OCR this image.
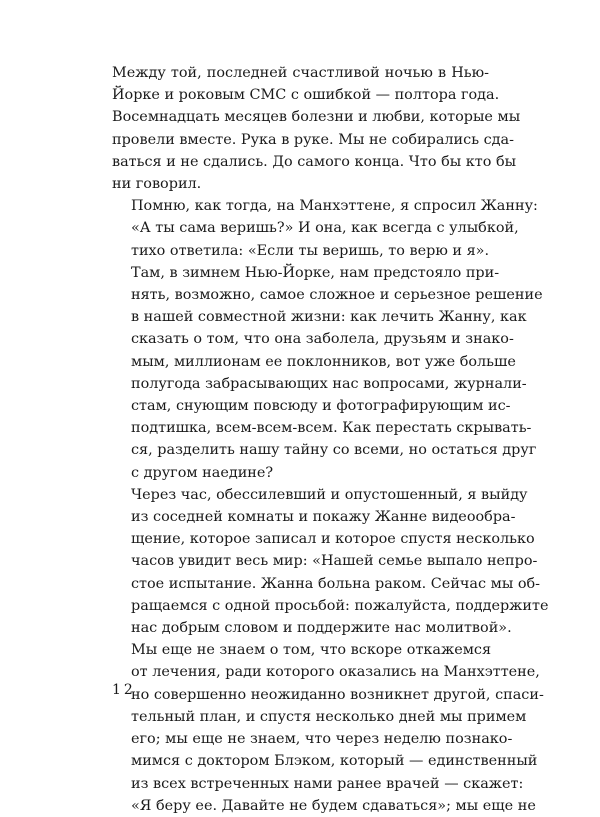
Между той, последней счастливой ночью в Нью-
Йорке и роковым СМС с ошибкой — полтора года.
Восемнадцать месяцев болезни и любви, которые мы
провели вместе. Рука в руке. Мы не собирались сда-
ваться и не сдались. До самого конца. Что бы кто бы
ни говорил.

Помню, как тогда, на Манхэттене, я спросил Жанну:
«А ты сама веришь?» И она, как всегда с улыбкой,
тихо ответила: «Если ты веришь, то верю и я».

Там, в зимнем Нью-Йорке, нам предстояло при-
нять, возможно, самое сложное и серьезное решение
в нашей совместной жизни: как лечить Жанну, как
сказать о том, что она заболела, друзьям и знако-
мым, миллионам ее поклонников, вот уже больше
полугода забрасывающих нас вопросами, журнали-
стам, снующим повсюду и фотографирующим ис-
подтишка, всем-всем-всем. Как перестать скрывать-
ся, разделить нашу тайну со всеми, но остаться друг
с другом наедине?

Через час, обессилевший и опустошенный, я выйду
из соседней комнаты и покажу Жанне видеообра-
щение, которое записал и которое спустя несколько
часов увидит весь мир: «Нашей семье выпало непро-
стое испытание. Жанна больна раком. Сейчас мы об-
ращаемся с одной просьбой: пожалуйста, поддержите
нас добрым словом и поддержите нас молитвой».

Мы еще не знаем о том, что вскоре откажемся
от лечения, ради которого оказались на Манхэттене,
но совершенно неожиданно возникнет другой, спаси-
тельный план, и спустя несколько дней мы примем
его; мы еще не знаем, что через неделю познако-
мимся с доктором Блэком, который — единственный
из всех встреченных нами ранее врачей — скажет:
«Я беру ее. Давайте не будем сдаваться»; мы еще не

12
